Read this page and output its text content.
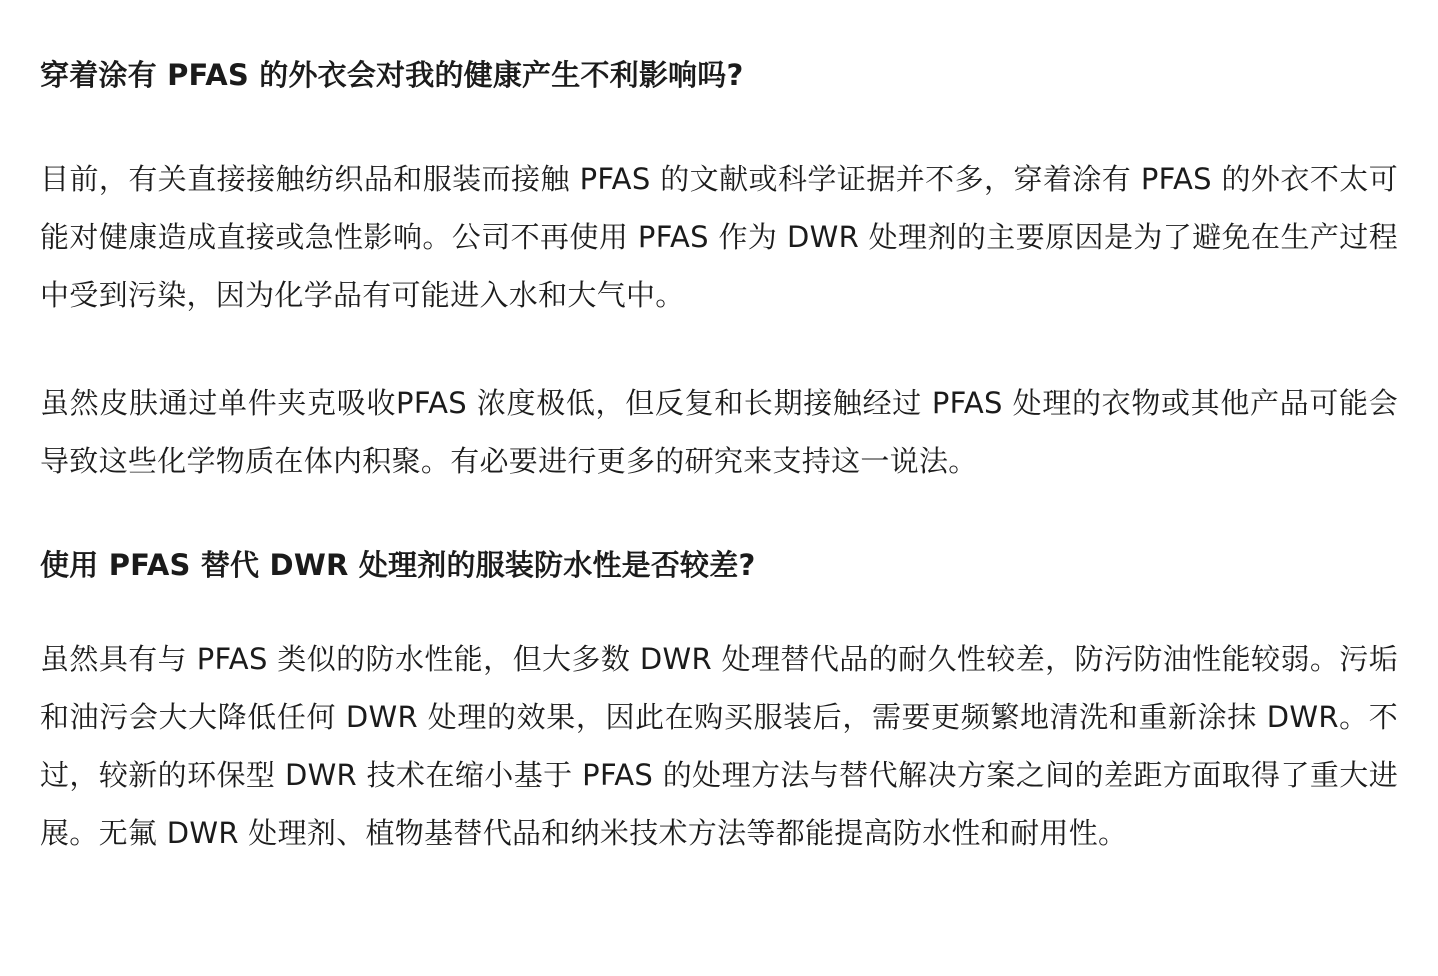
穿着涂有 PFAS 的外衣会对我的健康产生不利影响吗?

目前，有关直接接触纺织品和服装而接触 PFAS 的文献或科学证据并不多，穿着涂有 PFAS 的外衣不太可能对健康造成直接或急性影响。公司不再使用 PFAS 作为 DWR 处理剂的主要原因是为了避免在生产过程中受到污染，因为化学品有可能进入水和大气中。

虽然皮肤通过单件夹克吸收PFAS 浓度极低，但反复和长期接触经过 PFAS 处理的衣物或其他产品可能会导致这些化学物质在体内积聚。有必要进行更多的研究来支持这一说法。

使用 PFAS 替代 DWR 处理剂的服装防水性是否较差?

虽然具有与 PFAS 类似的防水性能，但大多数 DWR 处理替代品的耐久性较差，防污防油性能较弱。污垢和油污会大大降低任何 DWR 处理的效果，因此在购买服装后，需要更频繁地清洗和重新涂抹 DWR。不过，较新的环保型 DWR 技术在缩小基于 PFAS 的处理方法与替代解决方案之间的差距方面取得了重大进展。无氟 DWR 处理剂、植物基替代品和纳米技术方法等都能提高防水性和耐用性。
